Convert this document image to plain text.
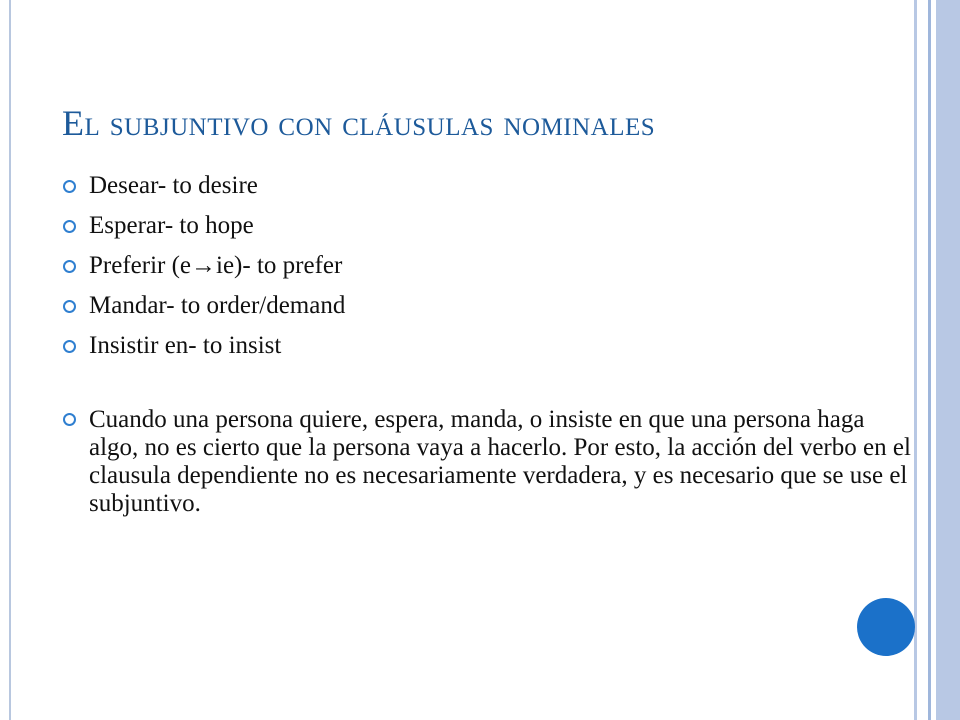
El subjuntivo con cláusulas nominales
Desear- to desire
Esperar- to hope
Preferir (e→ie)- to prefer
Mandar- to order/demand
Insistir en- to insist
Cuando una persona quiere, espera, manda, o insiste en que una persona haga algo, no es cierto que la persona vaya a hacerlo. Por esto, la acción del verbo en el clausula dependiente no es necesariamente verdadera, y es necesario que se use el subjuntivo.
